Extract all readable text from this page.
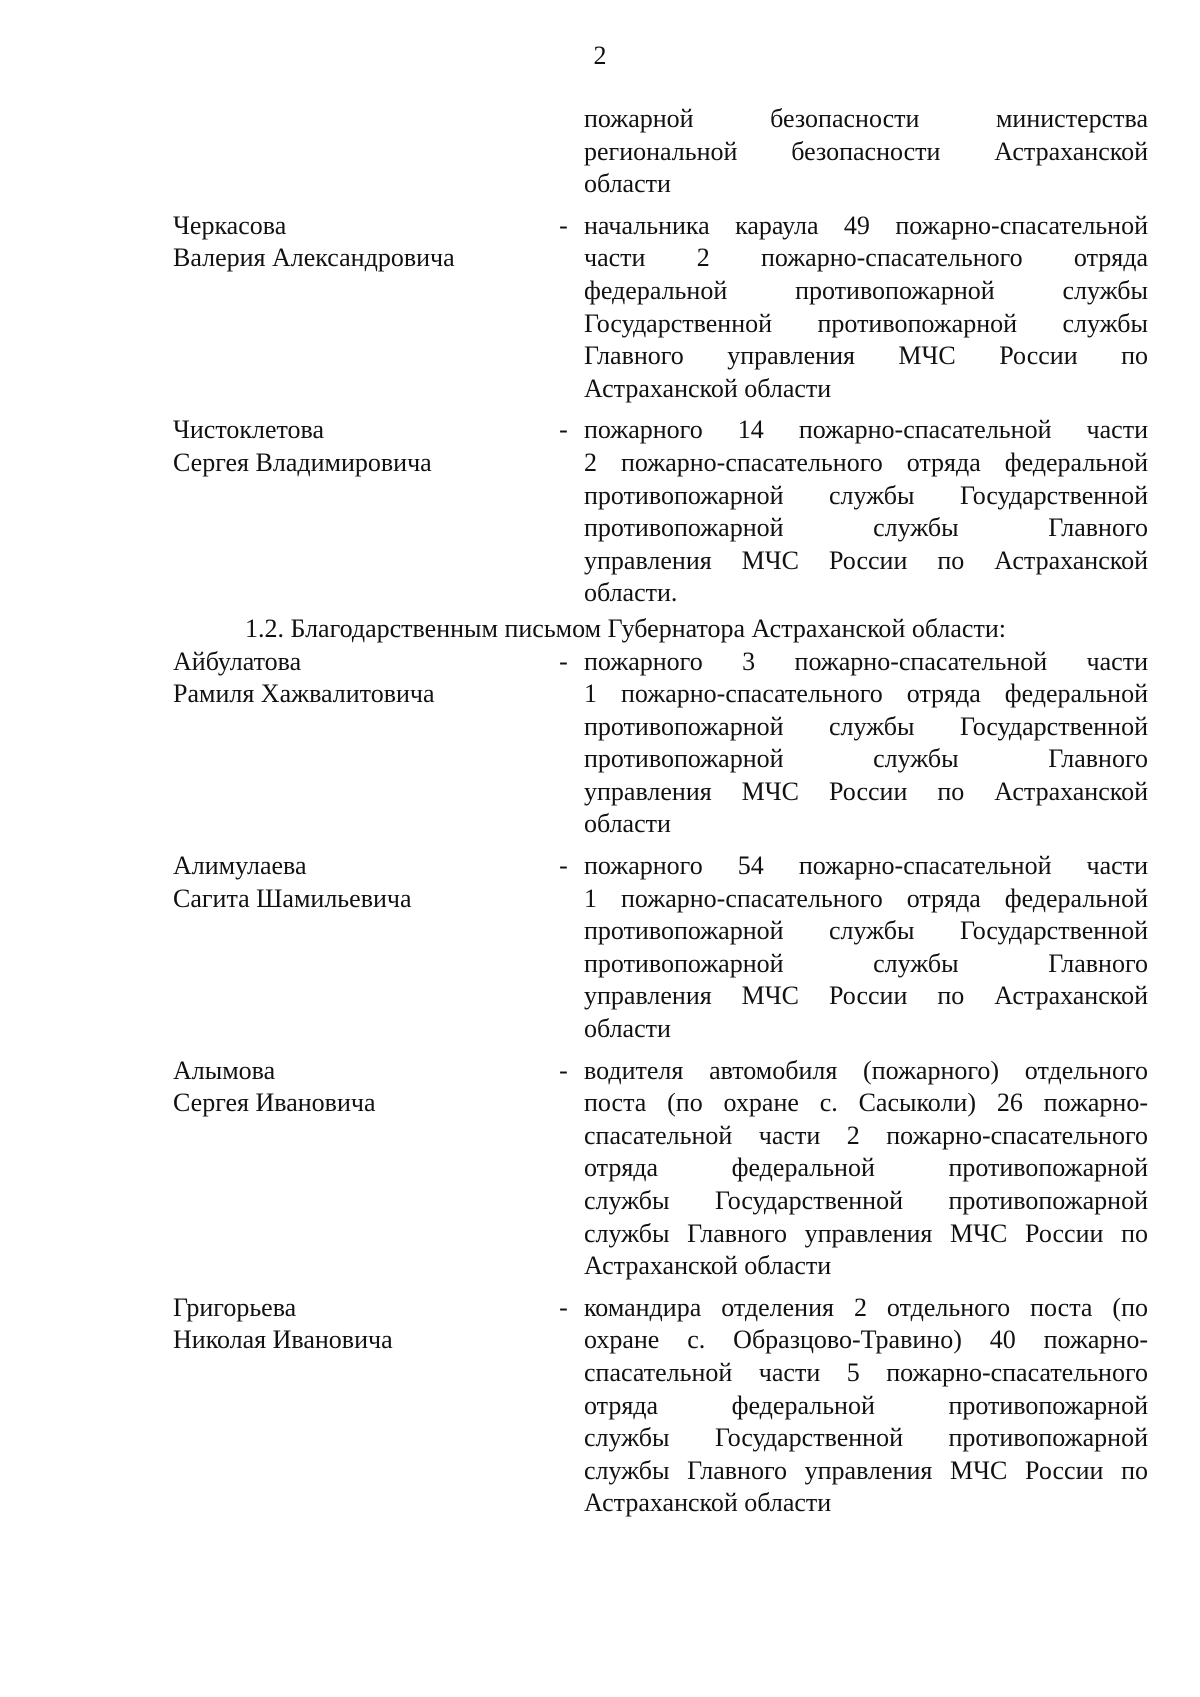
2
пожарной безопасности министерства
региональной безопасности Астраханской
области
Черкасова
Валерия Александровича
- начальника караула 49 пожарно-спасательной
части 2 пожарно-спасательного отряда
федеральной противопожарной службы
Государственной противопожарной службы
Главного управления МЧС России по
Астраханской области
Чистоклетова
Сергея Владимировича
- пожарного 14 пожарно-спасательной части
2 пожарно-спасательного отряда федеральной
противопожарной службы Государственной
противопожарной службы Главного
управления МЧС России по Астраханской
области.
1.2. Благодарственным письмом Губернатора Астраханской области:
Айбулатова
Рамиля Хажвалитовича
- пожарного 3 пожарно-спасательной части
1 пожарно-спасательного отряда федеральной
противопожарной службы Государственной
противопожарной службы Главного
управления МЧС России по Астраханской
области
Алимулаева
Сагита Шамильевича
- пожарного 54 пожарно-спасательной части
1 пожарно-спасательного отряда федеральной
противопожарной службы Государственной
противопожарной службы Главного
управления МЧС России по Астраханской
области
Алымова
Сергея Ивановича
- водителя автомобиля (пожарного) отдельного
поста (по охране с. Сасыколи) 26 пожарно-
спасательной части 2 пожарно-спасательного
отряда федеральной противопожарной
службы Государственной противопожарной
службы Главного управления МЧС России по
Астраханской области
Григорьева
Николая Ивановича
- командира отделения 2 отдельного поста (по
охране с. Образцово-Травино) 40 пожарно-
спасательной части 5 пожарно-спасательного
отряда федеральной противопожарной
службы Государственной противопожарной
службы Главного управления МЧС России по
Астраханской области
